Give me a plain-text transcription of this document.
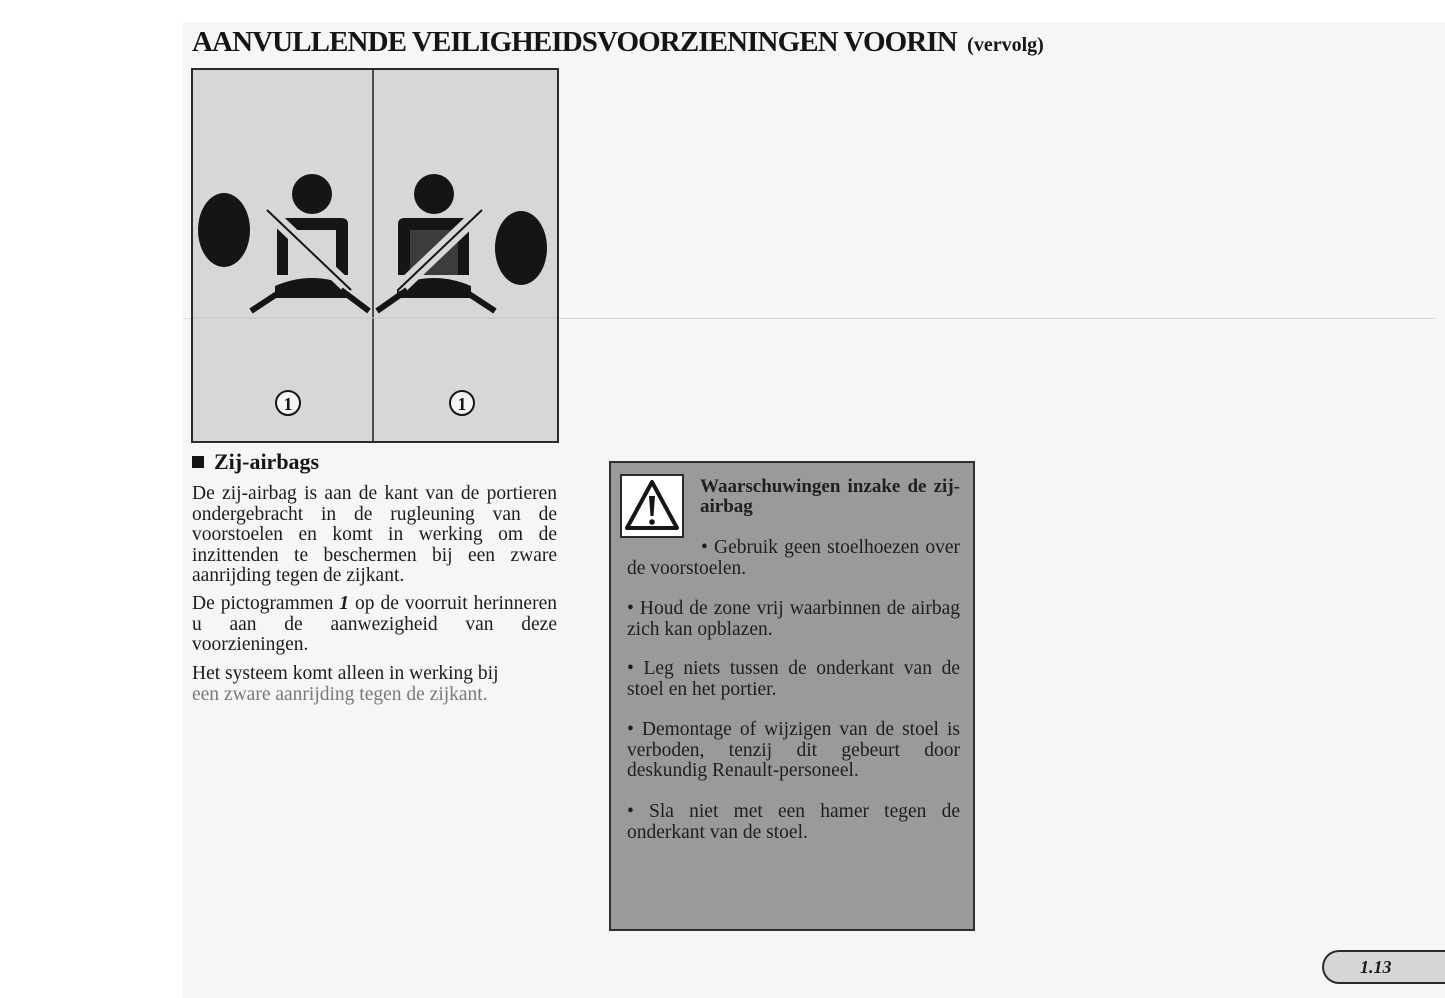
AANVULLENDE VEILIGHEIDSVOORZIENINGEN VOORIN (vervolg)
1	1
Zij-airbags

De zij-airbag is aan de kant van de portieren ondergebracht in de rugleuning van de voorstoelen en komt in werking om de inzittenden te beschermen bij een zware aanrijding tegen de zijkant.

De pictogrammen 1 op de voorruit herinneren u aan de aanwezigheid van deze voorzieningen.

Het systeem komt alleen in werking bij
een zware aanrijding tegen de zijkant.

Waarschuwingen inzake de zij-airbag

• Gebruik geen stoelhoezen over de voorstoelen.

• Houd de zone vrij waarbinnen de airbag zich kan opblazen.

• Leg niets tussen de onderkant van de stoel en het portier.

• Demontage of wijzigen van de stoel is verboden, tenzij dit gebeurt door deskundig Renault-personeel.

• Sla niet met een hamer tegen de onderkant van de stoel.

1.13
